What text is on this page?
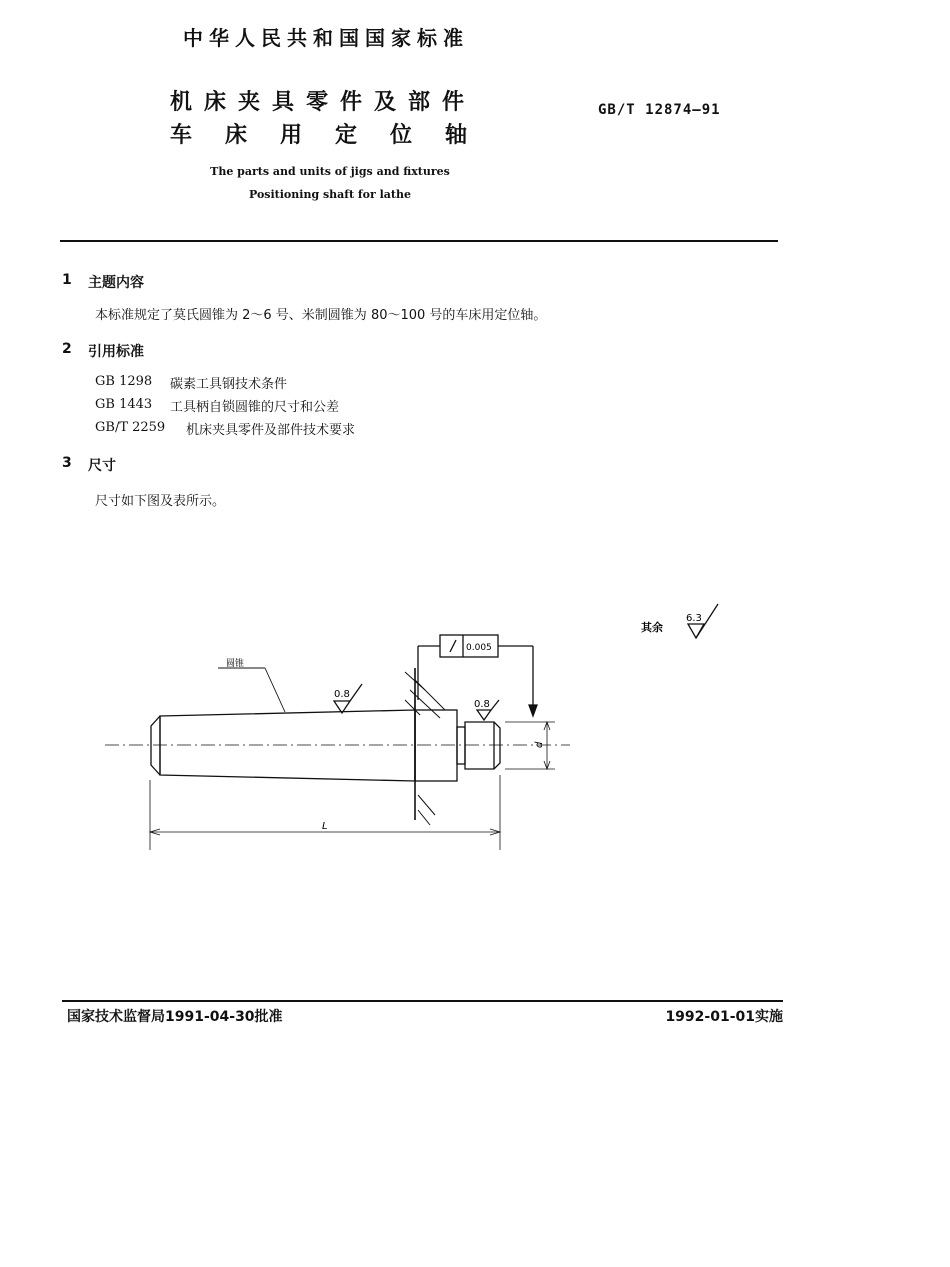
中华人民共和国国家标准
机床夹具零件及部件
车床用定位轴
GB/T 12874—91
The parts and units of jigs and fixtures
Positioning shaft for lathe
1 主题内容
本标准规定了莫氏圆锥为 2～6 号、米制圆锥为 80～100 号的车床用定位轴。
2 引用标准
GB 1298 碳素工具钢技术条件
GB 1443 工具柄自锁圆锥的尺寸和公差
GB/T 2259 机床夹具零件及部件技术要求
3 尺寸
尺寸如下图及表所示。
圆锥
0.8
0.8
0.005
L
d
其余
6.3
国家技术监督局1991-04-30批准	1992-01-01实施
